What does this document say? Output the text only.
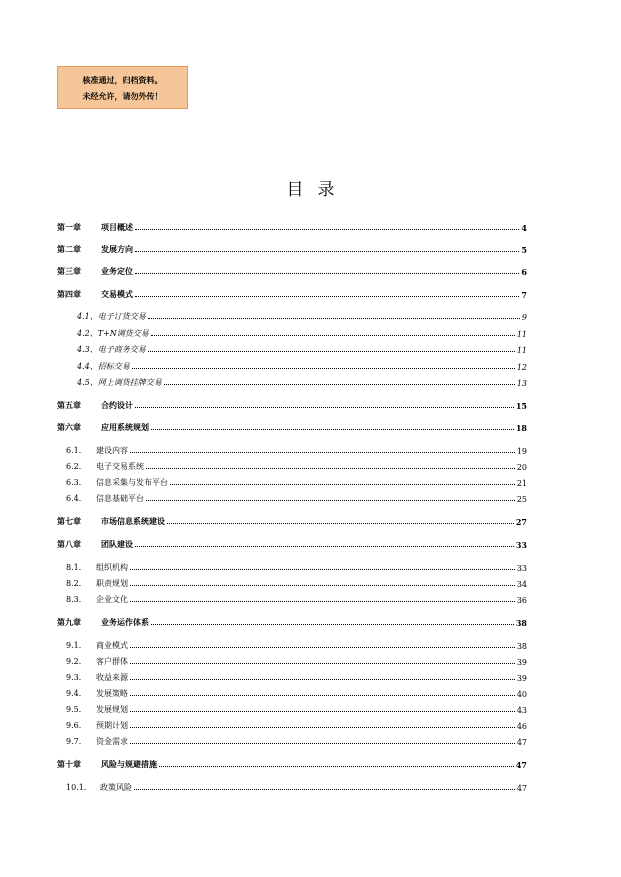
核准通过，归档资料。
未经允许，请勿外传！
目录
第一章	项目概述	4
第二章	发展方向	5
第三章	业务定位	6
第四章	交易模式	7
4.1、 电子订货交易	9
4.2、 T+N调货交易	11
4.3、 电子商务交易	11
4.4、 招标交易	12
4.5、 网上调货挂牌交易	13
第五章	合约设计	15
第六章	应用系统规划	18
6.1．	建设内容	19
6.2．	电子交易系统	20
6.3．	信息采集与发布平台	21
6.4．	信息基础平台	25
第七章	市场信息系统建设	27
第八章	团队建设	33
8.1．	组织机构	33
8.2．	职责规划	34
8.3．	企业文化	36
第九章	业务运作体系	38
9.1．	商业模式	38
9.2．	客户群体	39
9.3．	收益来源	39
9.4．	发展策略	40
9.5．	发展规划	43
9.6．	预期计划	46
9.7．	资金需求	47
第十章	风险与规避措施	47
10.1．	政策风险	47
